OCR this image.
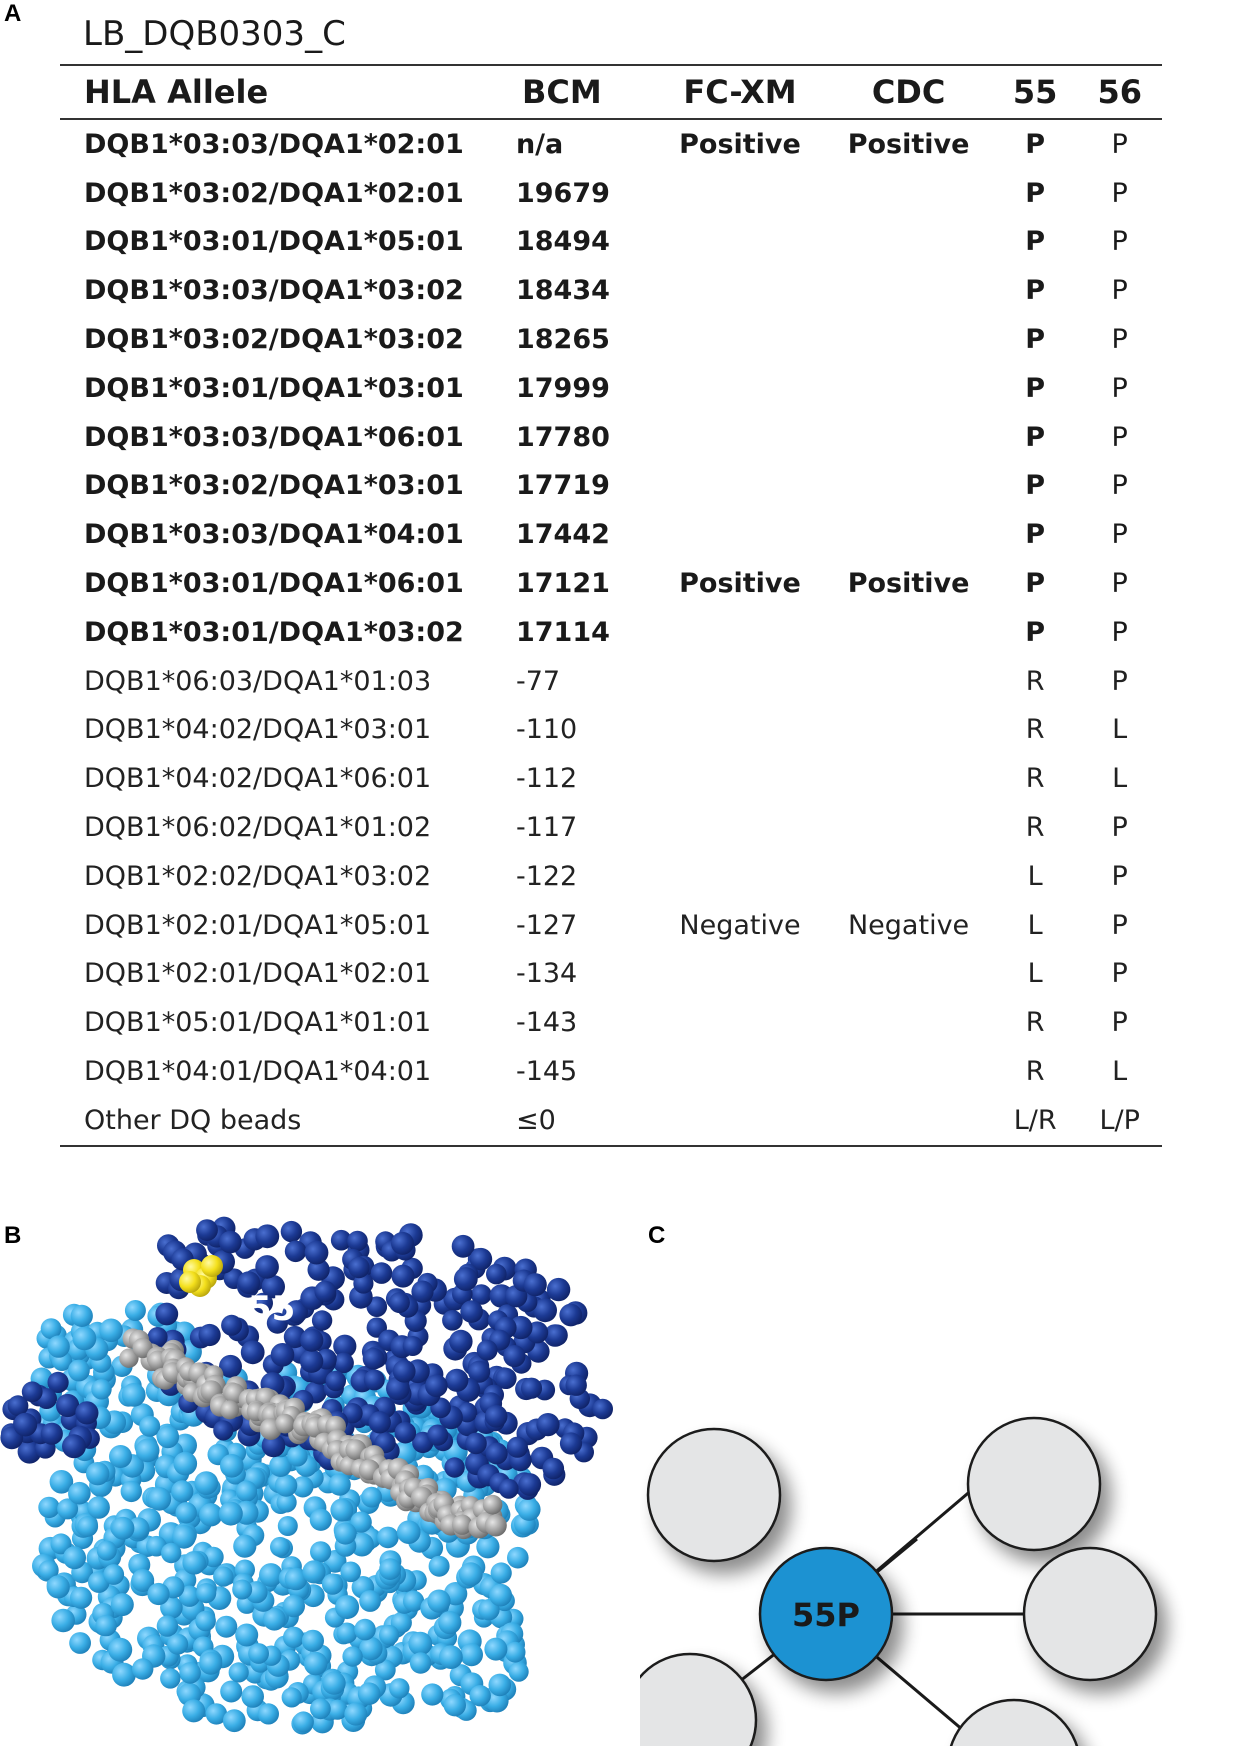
A
B	C
LB_DQB0303_C
HLA Allele	BCM	FC-XM	CDC	55	56
DQB1*03:03/DQA1*02:01	n/a	Positive	Positive	P	P
DQB1*03:02/DQA1*02:01	19679			P	P
DQB1*03:01/DQA1*05:01	18494			P	P
DQB1*03:03/DQA1*03:02	18434			P	P
DQB1*03:02/DQA1*03:02	18265			P	P
DQB1*03:01/DQA1*03:01	17999			P	P
DQB1*03:03/DQA1*06:01	17780			P	P
DQB1*03:02/DQA1*03:01	17719			P	P
DQB1*03:03/DQA1*04:01	17442			P	P
DQB1*03:01/DQA1*06:01	17121	Positive	Positive	P	P
DQB1*03:01/DQA1*03:02	17114			P	P
DQB1*06:03/DQA1*01:03	-77			R	P
DQB1*04:02/DQA1*03:01	-110			R	L
DQB1*04:02/DQA1*06:01	-112			R	L
DQB1*06:02/DQA1*01:02	-117			R	P
DQB1*02:02/DQA1*03:02	-122			L	P
DQB1*02:01/DQA1*05:01	-127	Negative	Negative	L	P
DQB1*02:01/DQA1*02:01	-134			L	P
DQB1*05:01/DQA1*01:01	-143			R	P
DQB1*04:01/DQA1*04:01	-145			R	L
Other DQ beads	≤0			L/R	L/P
55
55P
